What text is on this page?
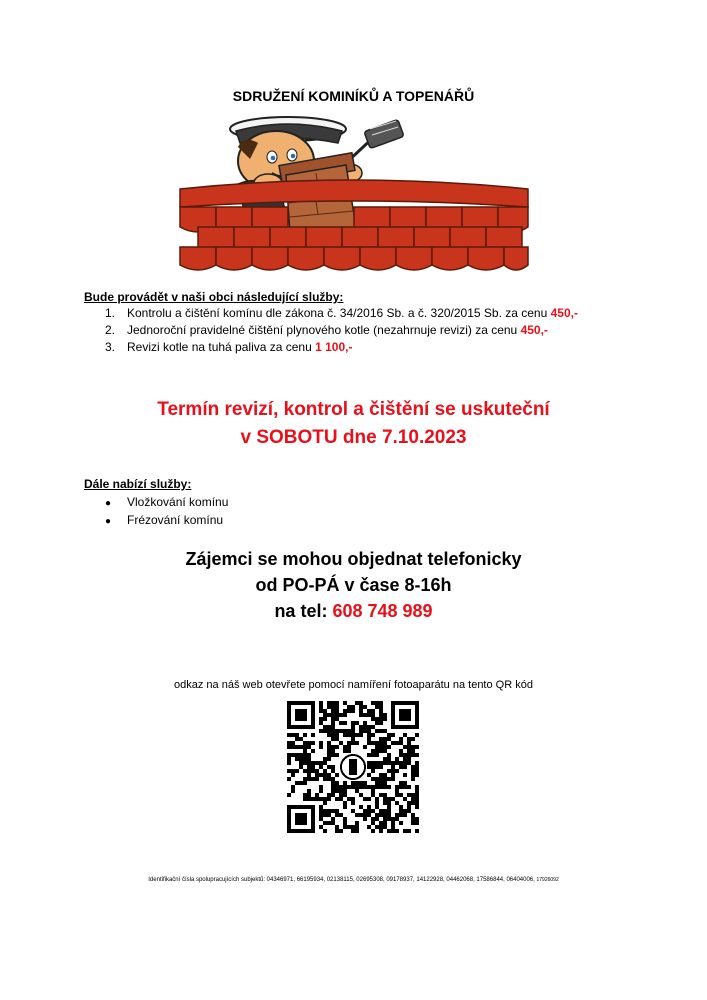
SDRUŽENÍ KOMINÍKŮ A TOPENÁŘŮ
Bude provádět v naši obci následující služby:
1. Kontrolu a čištění komínu dle zákona č. 34/2016 Sb. a č. 320/2015 Sb. za cenu 450,-
2. Jednoroční pravidelné čištění plynového kotle (nezahrnuje revizi) za cenu 450,-
3. Revizi kotle na tuhá paliva za cenu 1 100,-
Termín revizí, kontrol a čištění se uskuteční
v SOBOTU dne 7.10.2023
Dále nabízí služby:
● Vložkování komínu
● Frézování komínu
Zájemci se mohou objednat telefonicky
od PO-PÁ v čase 8-16h
na tel: 608 748 989
odkaz na náš web otevřete pomocí namíření fotoaparátu na tento QR kód
Identifikační čísla spolupracujících subjektů: 04346971, 66195934, 02138115, 02695308, 09178937, 14122928, 04462068, 17586844, 06404006, 17926092
